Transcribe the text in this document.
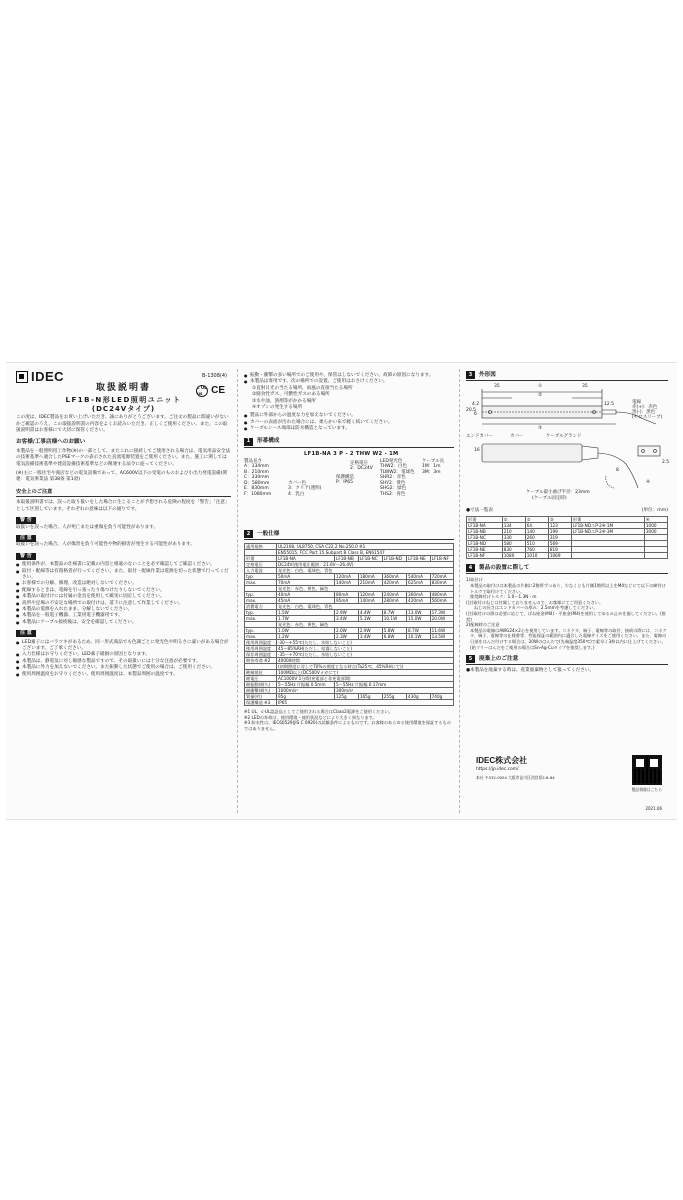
IDEC	B-1308(4)
c UL us CE
取扱説明書
LF1B-N形LED照明ユニット
(DC24Vタイプ)

この度は、IDEC製品をお買い上げいただき、誠にありがとうございます。ご注文の製品に間違いがないかご確認のうえ、この取扱説明書の内容をよくお読みいただき、正しくご使用ください。また、この取扱説明書はお客様にて大切に保管ください。

お客様/工事店様へのお願い

本製品を一般照明用工作物(※)の一部として、またこれに接続してご使用される場合は、電気用品安全法の技術基準へ適合したPSEマークの表示された直流電源装置をご使用ください。また、施工に関しては電気設備技術基準や建設設備技術基準などの関連する法令に従ってください。

(※)主に一般住宅や商店などの電気設備であって、AC600V以下の受電のものおよび小出力発電設備(関連：電気事業法 第38条 第1項)

安全上のご注意

本取扱説明書では、誤った取り扱いをした場合に生じることが予想される危険の程度を「警告」「注意」として区別しています。それぞれの意味は以下の通りです。

警 告

取扱いを誤った場合、人が死亡または重傷を負う可能性があります。

注 意

取扱いを誤った場合、人が傷害を負う可能性や物的損害が発生する可能性があります。

警 告
● 使用条件が、本製品の仕様書に記載の内容と相違のないことを必ず確認してご確認ください。
● 取付・配線等は有資格者が行ってください。また、取付・配線作業は電源を切った状態で行ってください。
● お客様での分解、修理、改造は絶対しないでください。
● 配線するときは、電線を引っ張ったり傷つけたりしないでください。
● 本製品の取付けには付属の金具を使用して確実に固定してください。
● 高所や足場の不安定な場所での取付けは、落下に注意して作業してください。
● 本製品の電源を入れたまま、分解しないでください。
● 本製品を一般電子機器、工業用電子機器用です。
● 本製品にケーブル接続後は、安全を確認してください。
注 意
● LED素子にはバラツキがあるため、同一形式商品でも色調ごとに発光色や明るさに違いがある場合がございます。ご了承ください。
● 入力仕様はお守りください。LED素子破損の原因となります。
● 本製品は、静電気に対し敏感な製品ですので、その取扱いには十分な注意が必要です。
● 本製品に外力を加えないでください。また振動した状態でご使用の場合は、ご使用ください。
● 使用周囲温度をお守りください。使用周囲温度は、本製品周囲の温度です。
● 振動・衝撃の多い場所でのご使用や、保管はしないでください。故障の原因になります。
● 本製品は専用です。次の場所での設置、ご使用はおさけください。
①直射日光の当たる場所、雨風の直接当たる場所
②腐食性ガス、可燃性ガスのある場所
③水や油、溶剤等がかかる場所
④オゾンの発生する場所
● 製品に外部からの過度な力を加えないでください。
● カバーの表面が汚れた場合には、柔らかい布で軽く拭いてください。
● ケーブルシース端部は防水構造となっています。
1	形番構成
LF1B-NA 3 P - 2 THW W2 - 1M
製品長さ
A：134mm
B：210mm
C：330mm
D：580mm
E：830mm
F：1080mm
カバー色
3：クリア(透明)
4：乳白
保護構造
P：IP65
定格電圧
2：DC24V
LED発光色
THW2：白色
TLWW2：電球色
SHR2：赤色
SHY2：黄色
SHG2：緑色
THS2：青色
ケーブル長
1M：1m
3M：3m
2	一般仕様
適用規格	UL2108, UL8750, CSA C22.2 No.250.0 ※1					
	EN55015, FCC Part 15 Subpart B Class B, EN61547					
形番	LF1B-NA	LF1B-NB	LF1B-NC	LF1B-ND	LF1B-NE	LF1B-NF
定格電圧	DC24V(使用電圧範囲：21.6V〜26.4V)					
入力電流	発光色：白色、電球色、青色					
typ.	50mA	120mA	180mA	360mA	540mA	720mA
max.	70mA	140mA	210mA	420mA	625mA	830mA
	発光色：赤色、黄色、緑色					
typ.	40mA	80mA	120mA	240mA	360mA	480mA
max.	45mA	95mA	140mA	280mA	420mA	560mA
消費電力	発光色：白色、電球色、青色					
typ.	1.5W	2.9W	4.4W	8.7W	13.0W	17.3W
max.	1.7W	3.4W	5.1W	10.1W	15.0W	20.0W
	発光色：赤色、黄色、緑色					
typ.	1.0W	2.0W	2.9W	5.8W	8.7W	11.6W
max.	1.2W	2.3W	3.4W	6.8W	10.1W	13.5W
使用周囲温度	-30〜+55℃(ただし、氷結しないこと)					
使用周囲湿度	45〜85%RH(ただし、結露しないこと)					
保存周囲温度	-35〜+70℃(ただし、氷結しないこと)					
期待寿命 ※2	40000時間					
	(初期照度に対して70%の照度となる時点(Ta25℃、45%RHにて))					
絶縁抵抗	100MΩ以上(DC500Vメガにて)					
耐電圧	AC1000V 1分間(充電部と非充電部間)					
耐振動(耐久)	5〜55Hz 片振幅 0.5mm	5〜55Hz 片振幅 0.17mm				
耐衝撃(耐久)	1000m/s²	300m/s²				
質量(約)	95g	125g	165g	255g	430g	740g
保護構造 ※3	IP65					
※1 UL、c-UL認証品としてご使用される場合はClass2電源をご使用ください。
※2 LEDの寿命は、使用環境・使用状況などにより大きく異なります。
※3 防水性は、IEC60529(JIS C 0920)の試験条件によるものです。お客様のあらゆる使用環境を保証するものではありません。
3	外形図
35	①	35
②
12.5
4.2
6
20.5
16
2.5
③
④
8
電線
赤(+)：赤色
黒(-)：黒色
(セロスリーブ)
エンドカバー	カバー	ケーブルグランド
ケーブル最小曲げ半径：23mm
(ケーブル固定時)
●寸法一覧表	(単位：mm)
形番	①	②	③	形番	④
LF1B-NA	134	64	123	LF1B-NDユP-2※-1M	1000
LF1B-NB	210	140	199	LF1B-NDユP-2※-3M	3000
LF1B-NC	330	260	319		
LF1B-ND	580	510	569		
LF1B-NE	830	760	819		
LF1B-NF	1080	1010	1069		
4	製品の設置に際して
1)取付け
本製品の取付けは本製品の片側に2箇所ずつあり、少なくとも片側1箇所以上をM4などにて以下の締付けトルクで取付けてください。
推奨締付けトルク：1.0〜1.3N・m
(注)取付けねじは付属しておりませんので、お客様にてご用意ください。
ねじの長さはエンドカバーの厚み：2.5mmを考慮してください。
(注)取付けの際は必要に応じて、ばね座金(M4)・平座金(M4)を使用してゆるみ止めを施してください。(推奨)
2)配線時のご注意
本製品の電線はAWG24×2心を使用しています。コネクタ、端子、電線等の取付、接続の際には、コネクタ、端子、電線等の仕様書等、性能保証の範囲内に適合した電線サイズをご使用ください。また、電線の日部をはんだ付けする場合は、20Wのはんだで(先端温度350℃)で素早く3秒以内に仕上げてください。
(鉛フリーはんだをご使用の場合はSn-Ag-Cuタイプを推奨します。)
5	廃棄上のご注意

●本製品を廃棄する時は、産業廃棄物として扱ってください。

IDEC株式会社
https://jp.idec.com/
本社 〒532-0004 大阪市淀川区西宮原2-6-64
製品情報はこちら
2021.06
